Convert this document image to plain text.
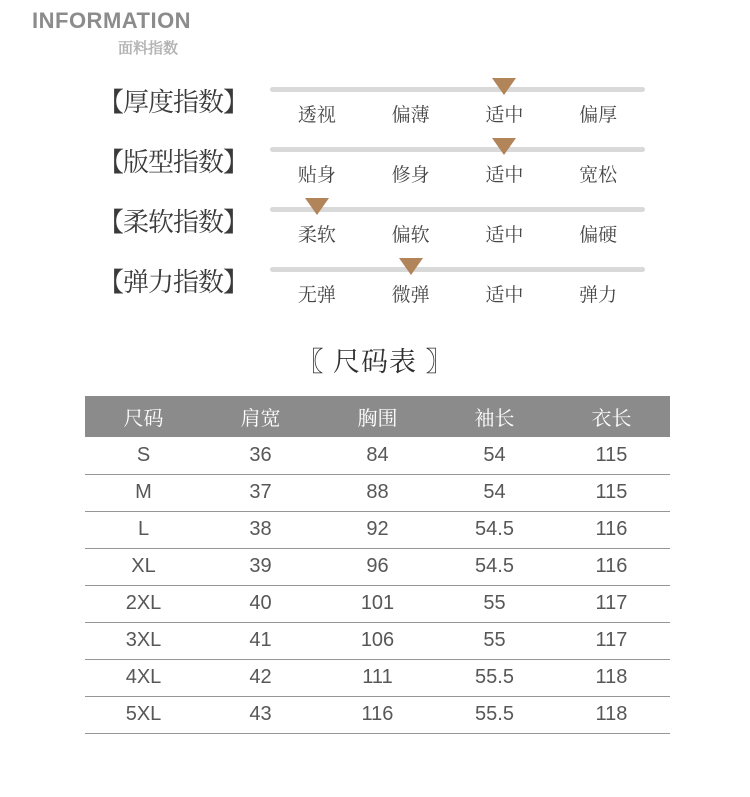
INFORMATION
面料指数
【厚度指数】	透视	偏薄	适中	偏厚
【版型指数】	贴身	修身	适中	宽松
【柔软指数】	柔软	偏软	适中	偏硬
【弹力指数】	无弹	微弹	适中	弹力
〖 尺码表 〗
尺码	肩宽	胸围	袖长	衣长
S	36	84	54	115
M	37	88	54	115
L	38	92	54.5	116
XL	39	96	54.5	116
2XL	40	101	55	117
3XL	41	106	55	117
4XL	42	111	55.5	118
5XL	43	116	55.5	118
